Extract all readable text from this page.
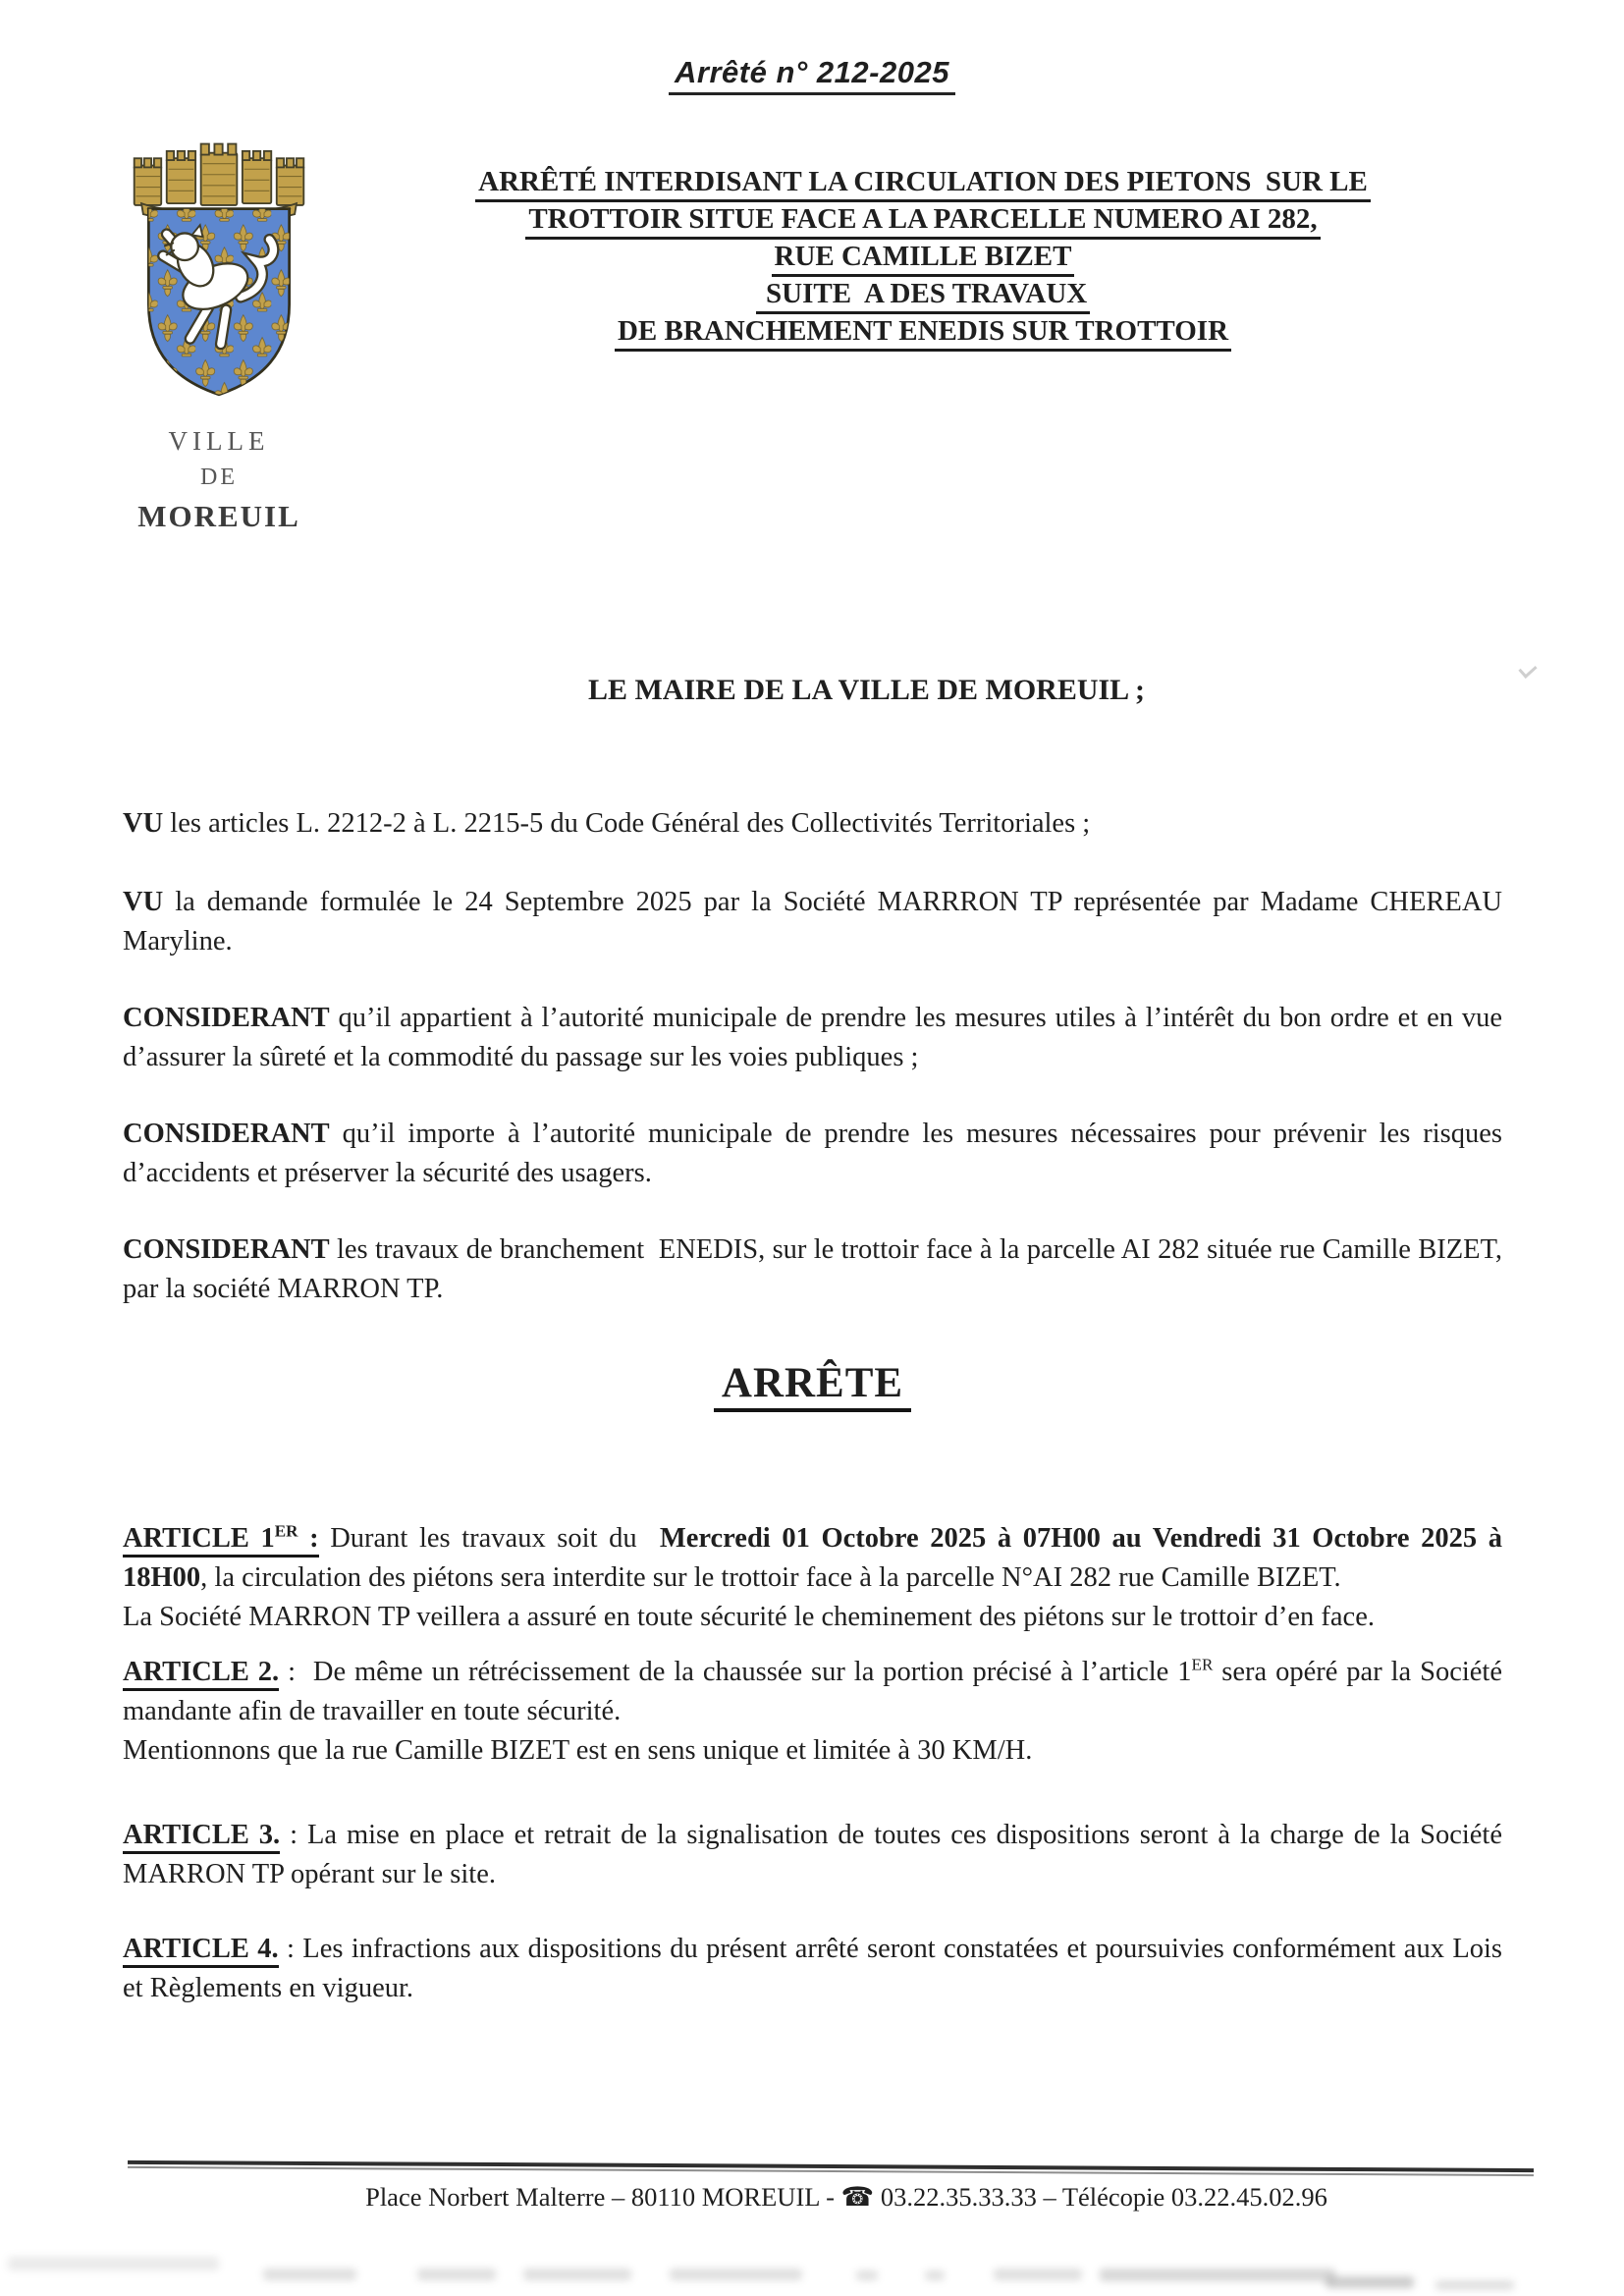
Arrêté n° 212-2025
VILLE
DE
MOREUIL
ARRÊTÉ INTERDISANT LA CIRCULATION DES PIETONS  SUR LE
TROTTOIR SITUE FACE A LA PARCELLE NUMERO AI 282,
RUE CAMILLE BIZET
SUITE  A DES TRAVAUX
DE BRANCHEMENT ENEDIS SUR TROTTOIR
LE MAIRE DE LA VILLE DE MOREUIL ;

VU les articles L. 2212-2 à L. 2215-5 du Code Général des Collectivités Territoriales ;

VU la demande formulée le 24 Septembre 2025 par la Société MARRRON TP représentée par Madame CHEREAU Maryline.

CONSIDERANT qu’il appartient à l’autorité municipale de prendre les mesures utiles à l’intérêt du bon ordre et en vue d’assurer la sûreté et la commodité du passage sur les voies publiques ;

CONSIDERANT qu’il importe à l’autorité municipale de prendre les mesures nécessaires pour prévenir les risques d’accidents et préserver la sécurité des usagers.

CONSIDERANT les travaux de branchement  ENEDIS, sur le trottoir face à la parcelle AI 282 située rue Camille BIZET, par la société MARRON TP.

ARRÊTE

ARTICLE 1ER : Durant les travaux soit du  Mercredi 01 Octobre 2025 à 07H00 au Vendredi 31 Octobre 2025 à 18H00, la circulation des piétons sera interdite sur le trottoir face à la parcelle N°AI 282 rue Camille BIZET.
La Société MARRON TP veillera a assuré en toute sécurité le cheminement des piétons sur le trottoir d’en face.

ARTICLE 2. :  De même un rétrécissement de la chaussée sur la portion précisé à l’article 1ER sera opéré par la Société mandante afin de travailler en toute sécurité.
Mentionnons que la rue Camille BIZET est en sens unique et limitée à 30 KM/H.

ARTICLE 3. : La mise en place et retrait de la signalisation de toutes ces dispositions seront à la charge de la Société MARRON TP opérant sur le site.

ARTICLE 4. : Les infractions aux dispositions du présent arrêté seront constatées et poursuivies conformément aux Lois et Règlements en vigueur.

Place Norbert Malterre – 80110 MOREUIL - ☎ 03.22.35.33.33 – Télécopie 03.22.45.02.96
